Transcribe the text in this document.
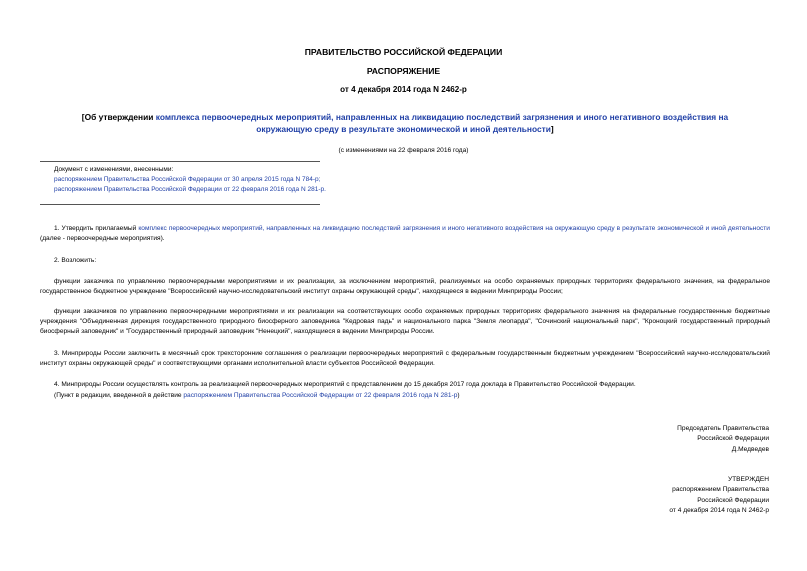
ПРАВИТЕЛЬСТВО РОССИЙСКОЙ ФЕДЕРАЦИИ
РАСПОРЯЖЕНИЕ
от 4 декабря 2014 года N 2462-р
[Об утверждении комплекса первоочередных мероприятий, направленных на ликвидацию последствий загрязнения и иного негативного воздействия на окружающую среду в результате экономической и иной деятельности]
(с изменениями на 22 февраля 2016 года)
Документ с изменениями, внесенными:
распоряжением Правительства Российской Федерации от 30 апреля 2015 года N 784-р;
распоряжением Правительства Российской Федерации от 22 февраля 2016 года N 281-р.
1. Утвердить прилагаемый комплекс первоочередных мероприятий, направленных на ликвидацию последствий загрязнения и иного негативного воздействия на окружающую среду в результате экономической и иной деятельности (далее - первоочередные мероприятия).
2. Возложить:
функции заказчика по управлению первоочередными мероприятиями и их реализации, за исключением мероприятий, реализуемых на особо охраняемых природных территориях федерального значения, на федеральное государственное бюджетное учреждение "Всероссийский научно-исследовательский институт охраны окружающей среды", находящееся в ведении Минприроды России;
функции заказчиков по управлению первоочередными мероприятиями и их реализации на соответствующих особо охраняемых природных территориях федерального значения на федеральные государственные бюджетные учреждения "Объединенная дирекция государственного природного биосферного заповедника "Кедровая падь" и национального парка "Земля леопарда", "Сочинский национальный парк", "Кроноцкий государственный природный биосферный заповедник" и "Государственный природный заповедник "Ненецкий", находящиеся в ведении Минприроды России.
3. Минприроды России заключить в месячный срок трехсторонние соглашения о реализации первоочередных мероприятий с федеральным государственным бюджетным учреждением "Всероссийский научно-исследовательский институт охраны окружающей среды" и соответствующими органами исполнительной власти субъектов Российской Федерации.
4. Минприроды России осуществлять контроль за реализацией первоочередных мероприятий с представлением до 15 декабря 2017 года доклада в Правительство Российской Федерации.
(Пункт в редакции, введенной в действие распоряжением Правительства Российской Федерации от 22 февраля 2016 года N 281-р)
Председатель Правительства
Российской Федерации
Д.Медведев
УТВЕРЖДЕН
распоряжением Правительства
Российской Федерации
от 4 декабря 2014 года N 2462-р
